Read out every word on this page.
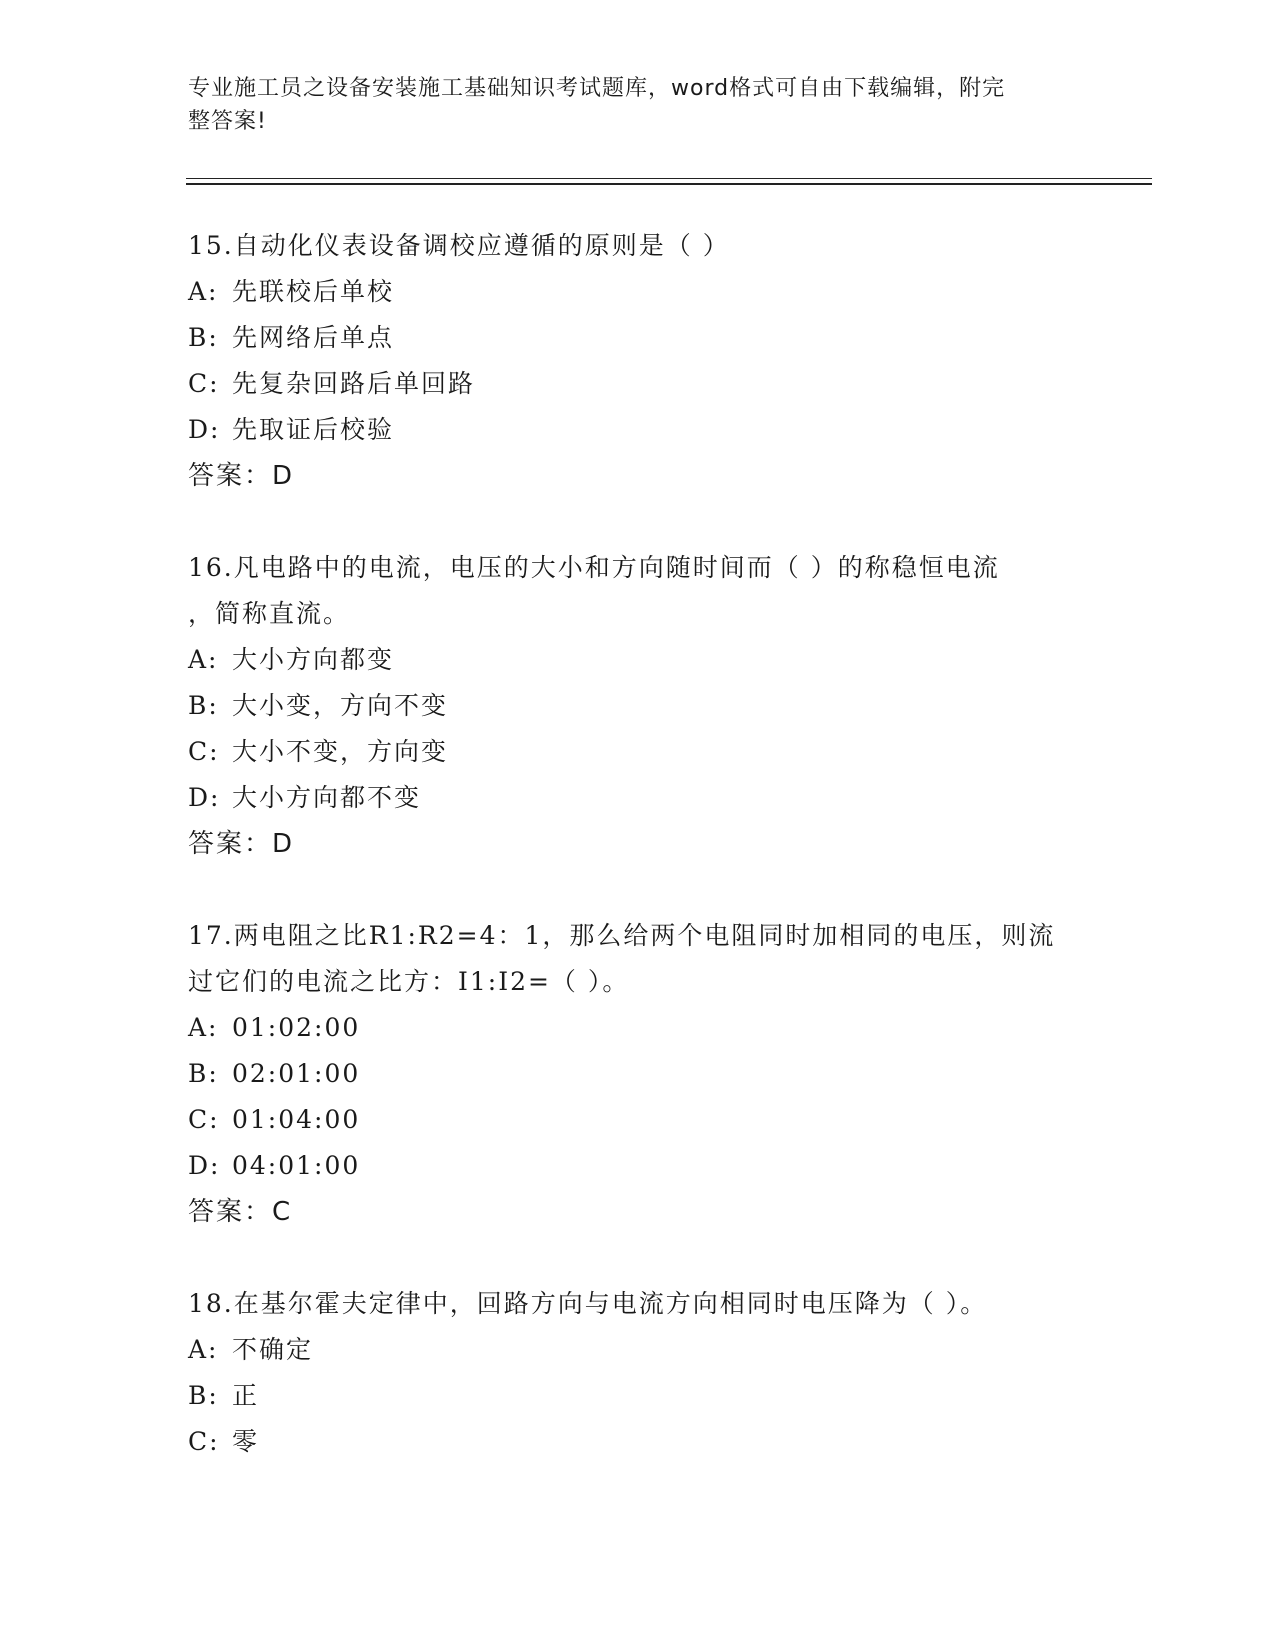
专业施工员之设备安装施工基础知识考试题库，word格式可自由下载编辑，附完
整答案!
15.自动化仪表设备调校应遵循的原则是（ ）
A: 先联校后单校
B: 先网络后单点
C: 先复杂回路后单回路
D: 先取证后校验
答案：D
16.凡电路中的电流，电压的大小和方向随时间而（ ）的称稳恒电流
，简称直流。
A: 大小方向都变
B: 大小变，方向不变
C: 大小不变，方向变
D: 大小方向都不变
答案：D
17.两电阻之比R1:R2=4：1，那么给两个电阻同时加相同的电压，则流
过它们的电流之比方：I1:I2=（ ）。
A: 01:02:00
B: 02:01:00
C: 01:04:00
D: 04:01:00
答案：C
18.在基尔霍夫定律中，回路方向与电流方向相同时电压降为（ ）。
A: 不确定
B: 正
C: 零
